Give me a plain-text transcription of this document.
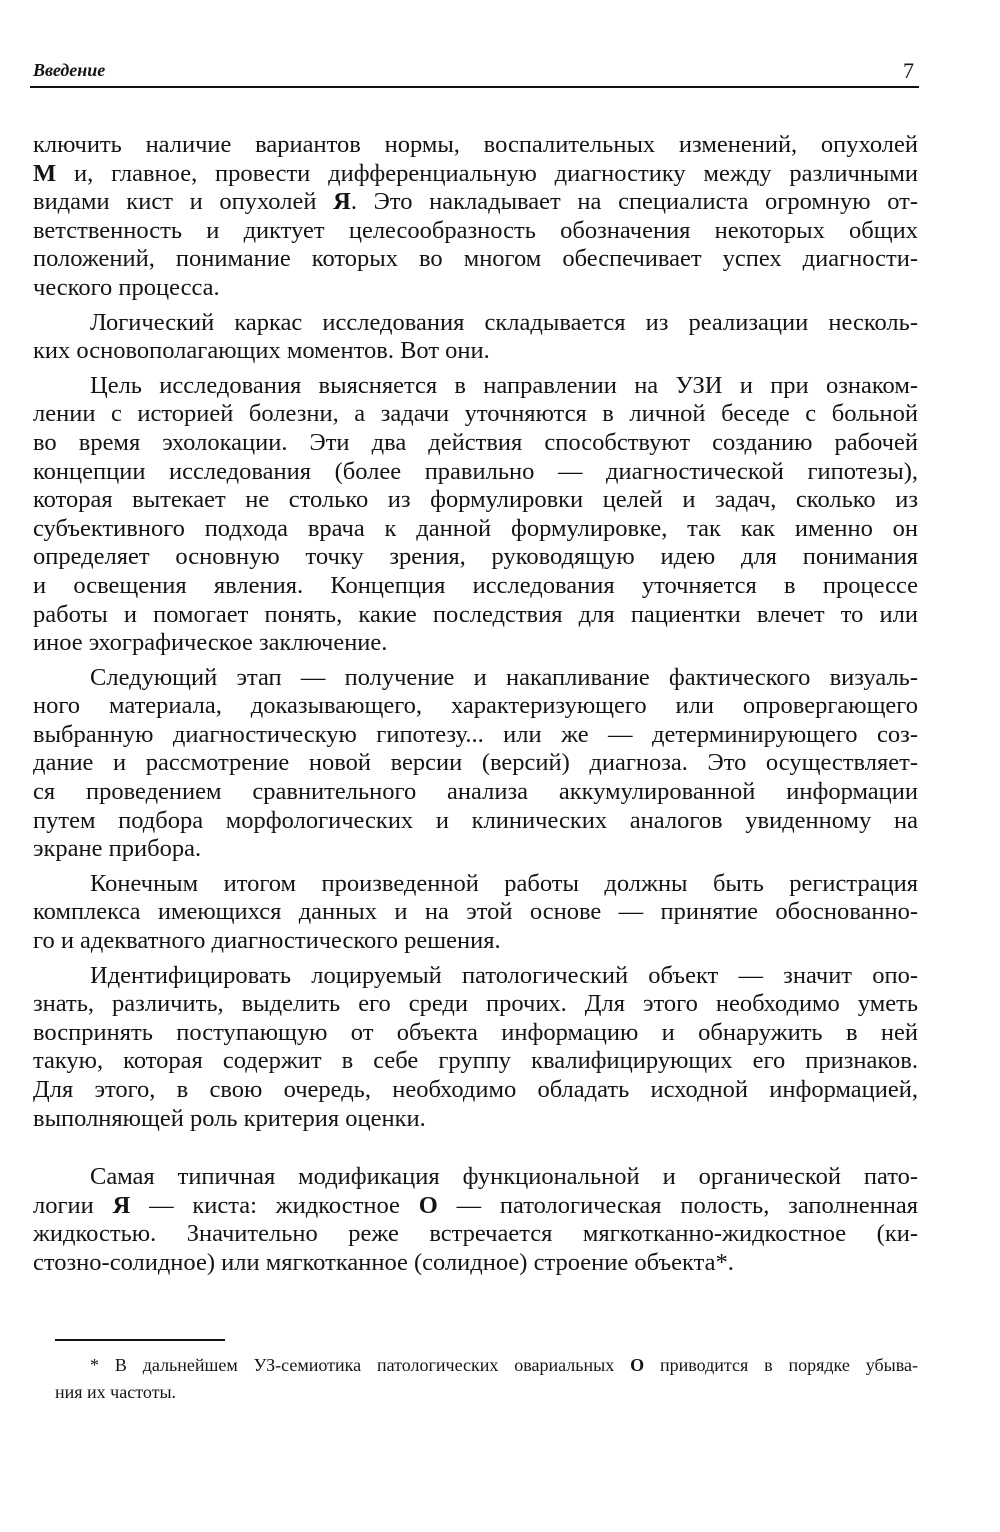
Введение	7
ключить наличие вариантов нормы, воспалительных изменений, опухолей
М и, главное, провести дифференциальную диагностику между различными
видами кист и опухолей Я. Это накладывает на специалиста огромную от-
ветственность и диктует целесообразность обозначения некоторых общих
положений, понимание которых во многом обеспечивает успех диагности-
ческого процесса.
Логический каркас исследования складывается из реализации несколь-
ких основополагающих моментов. Вот они.
Цель исследования выясняется в направлении на УЗИ и при ознаком-
лении с историей болезни, а задачи уточняются в личной беседе с больной
во время эхолокации. Эти два действия способствуют созданию рабочей
концепции исследования (более правильно — диагностической гипотезы),
которая вытекает не столько из формулировки целей и задач, сколько из
субъективного подхода врача к данной формулировке, так как именно он
определяет основную точку зрения, руководящую идею для понимания
и освещения явления. Концепция исследования уточняется в процессе
работы и помогает понять, какие последствия для пациентки влечет то или
иное эхографическое заключение.
Следующий этап — получение и накапливание фактического визуаль-
ного материала, доказывающего, характеризующего или опровергающего
выбранную диагностическую гипотезу... или же — детерминирующего соз-
дание и рассмотрение новой версии (версий) диагноза. Это осуществляет-
ся проведением сравнительного анализа аккумулированной информации
путем подбора морфологических и клинических аналогов увиденному на
экране прибора.
Конечным итогом произведенной работы должны быть регистрация
комплекса имеющихся данных и на этой основе — принятие обоснованно-
го и адекватного диагностического решения.
Идентифицировать лоцируемый патологический объект — значит опо-
знать, различить, выделить его среди прочих. Для этого необходимо уметь
воспринять поступающую от объекта информацию и обнаружить в ней
такую, которая содержит в себе группу квалифицирующих его признаков.
Для этого, в свою очередь, необходимо обладать исходной информацией,
выполняющей роль критерия оценки.
Самая типичная модификация функциональной и органической пато-
логии Я — киста: жидкостное О — патологическая полость, заполненная
жидкостью. Значительно реже встречается мягкотканно-жидкостное (ки-
стозно-солидное) или мягкотканное (солидное) строение объекта*.
* В дальнейшем УЗ-семиотика патологических овариальных О приводится в порядке убыва-
ния их частоты.
